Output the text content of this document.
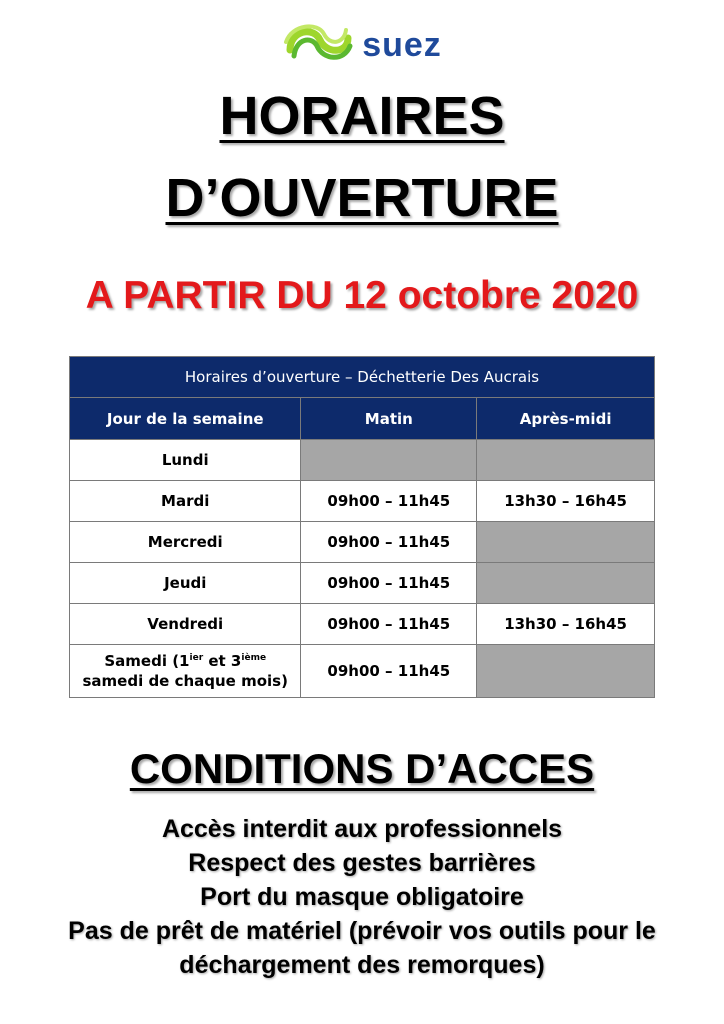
suez
HORAIRES
D’OUVERTURE
A PARTIR DU 12 octobre 2020
Horaires d’ouverture – Déchetterie Des Aucrais		
Jour de la semaine	Matin	Après-midi
Lundi		
Mardi	09h00 – 11h45	13h30 – 16h45
Mercredi	09h00 – 11h45	
Jeudi	09h00 – 11h45	
Vendredi	09h00 – 11h45	13h30 – 16h45
Samedi ($1^{ier}$ et 3ième
samedi de chaque mois)	09h00 – 11h45	
CONDITIONS D’ACCES
Accès interdit aux professionnels
Respect des gestes barrières
Port du masque obligatoire
Pas de prêt de matériel (prévoir vos outils pour le
déchargement des remorques)
